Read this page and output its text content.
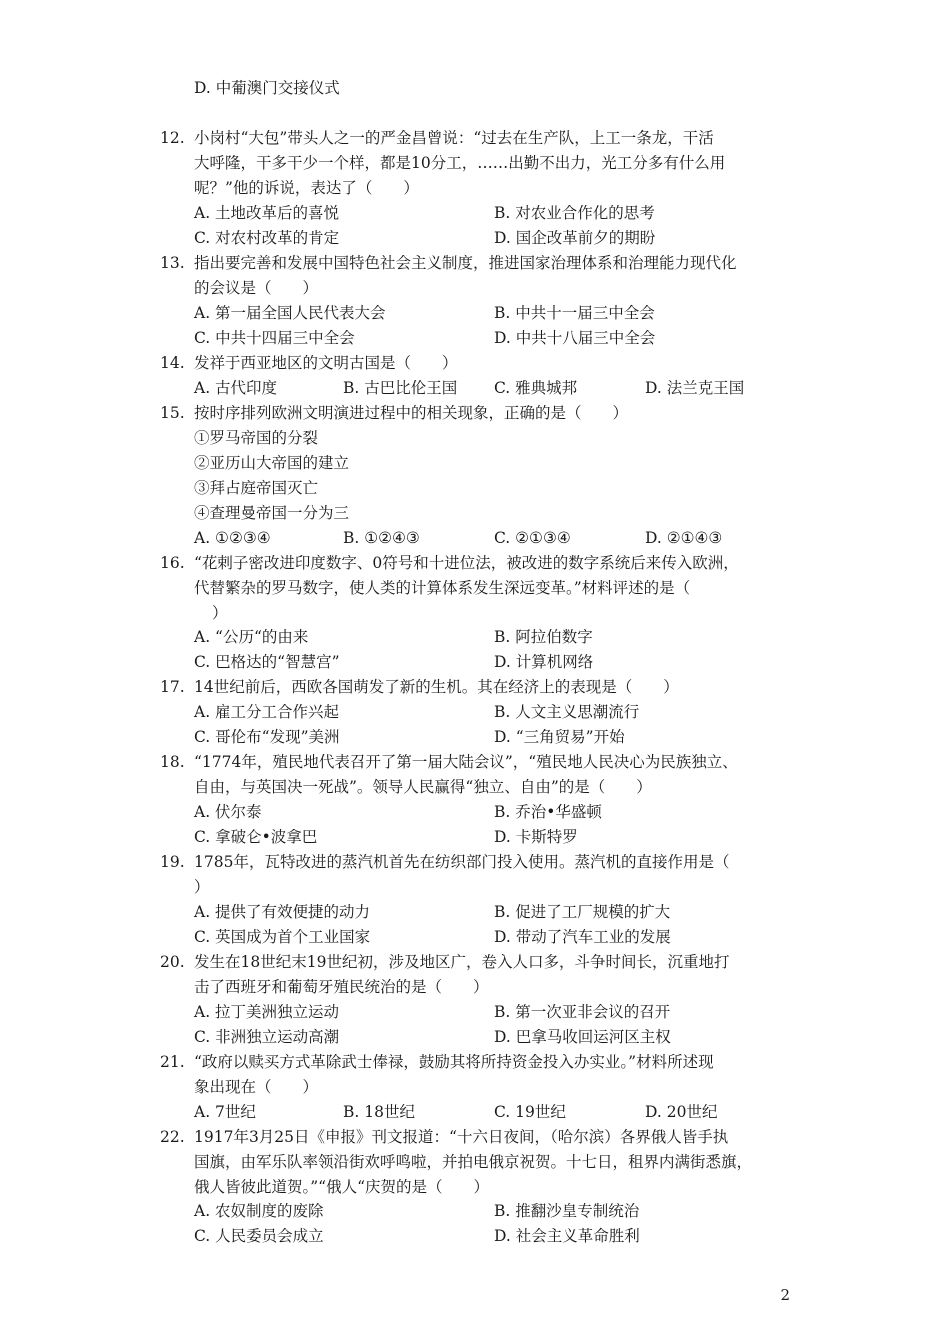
D. 中葡澳门交接仪式
12. 小岗村“大包”带头人之一的严金昌曾说：“过去在生产队，上工一条龙，干活
大呼隆，干多干少一个样，都是10分工，……出勤不出力，光工分多有什么用
呢？”他的诉说，表达了（　　）
A. 土地改革后的喜悦	B. 对农业合作化的思考
C. 对农村改革的肯定	D. 国企改革前夕的期盼
13. 指出要完善和发展中国特色社会主义制度，推进国家治理体系和治理能力现代化
的会议是（　　）
A. 第一届全国人民代表大会	B. 中共十一届三中全会
C. 中共十四届三中全会	D. 中共十八届三中全会
14. 发祥于西亚地区的文明古国是（　　）
A. 古代印度	B. 古巴比伦王国 C. 雅典城邦	D. 法兰克王国
15. 按时序排列欧洲文明演进过程中的相关现象，正确的是（　　）
①罗马帝国的分裂
②亚历山大帝国的建立
③拜占庭帝国灭亡
④查理曼帝国一分为三
A. ①②③④	B. ①②④③	C. ②①③④	D. ②①④③
16. “花剌子密改进印度数字、0符号和十进位法，被改进的数字系统后来传入欧洲，
代替繁杂的罗马数字，使人类的计算体系发生深远变革。”材料评述的是（
）
A. “公历“的由来	B. 阿拉伯数字
C. 巴格达的“智慧宫”	D. 计算机网络
17. 14世纪前后，西欧各国萌发了新的生机。其在经济上的表现是（　　）
A. 雇工分工合作兴起	B. 人文主义思潮流行
C. 哥伦布“发现”美洲	D. “三角贸易”开始
18. “1774年，殖民地代表召开了第一届大陆会议”，“殖民地人民决心为民族独立、
自由，与英国决一死战”。领导人民赢得“独立、自由”的是（　　）
A. 伏尔泰	B. 乔治•华盛顿
C. 拿破仑•波拿巴	D. 卡斯特罗
19. 1785年，瓦特改进的蒸汽机首先在纺织部门投入使用。蒸汽机的直接作用是（
）
A. 提供了有效便捷的动力	B. 促进了工厂规模的扩大
C. 英国成为首个工业国家	D. 带动了汽车工业的发展
20. 发生在18世纪末19世纪初，涉及地区广，卷入人口多，斗争时间长，沉重地打
击了西班牙和葡萄牙殖民统治的是（　　）
A. 拉丁美洲独立运动	B. 第一次亚非会议的召开
C. 非洲独立运动高潮	D. 巴拿马收回运河区主权
21. “政府以赎买方式革除武士俸禄，鼓励其将所持资金投入办实业。”材料所述现
象出现在（　　）
A. 7世纪	B. 18世纪	C. 19世纪	D. 20世纪
22. 1917年3月25日《申报》刊文报道：“十六日夜间，（哈尔滨）各界俄人皆手执
国旗，由军乐队率领沿街欢呼鸣啦，并拍电俄京祝贺。十七日，租界内满街悉旗，
俄人皆彼此道贺。”“俄人“庆贺的是（　　）
A. 农奴制度的废除	B. 推翻沙皇专制统治
C. 人民委员会成立	D. 社会主义革命胜利
2
